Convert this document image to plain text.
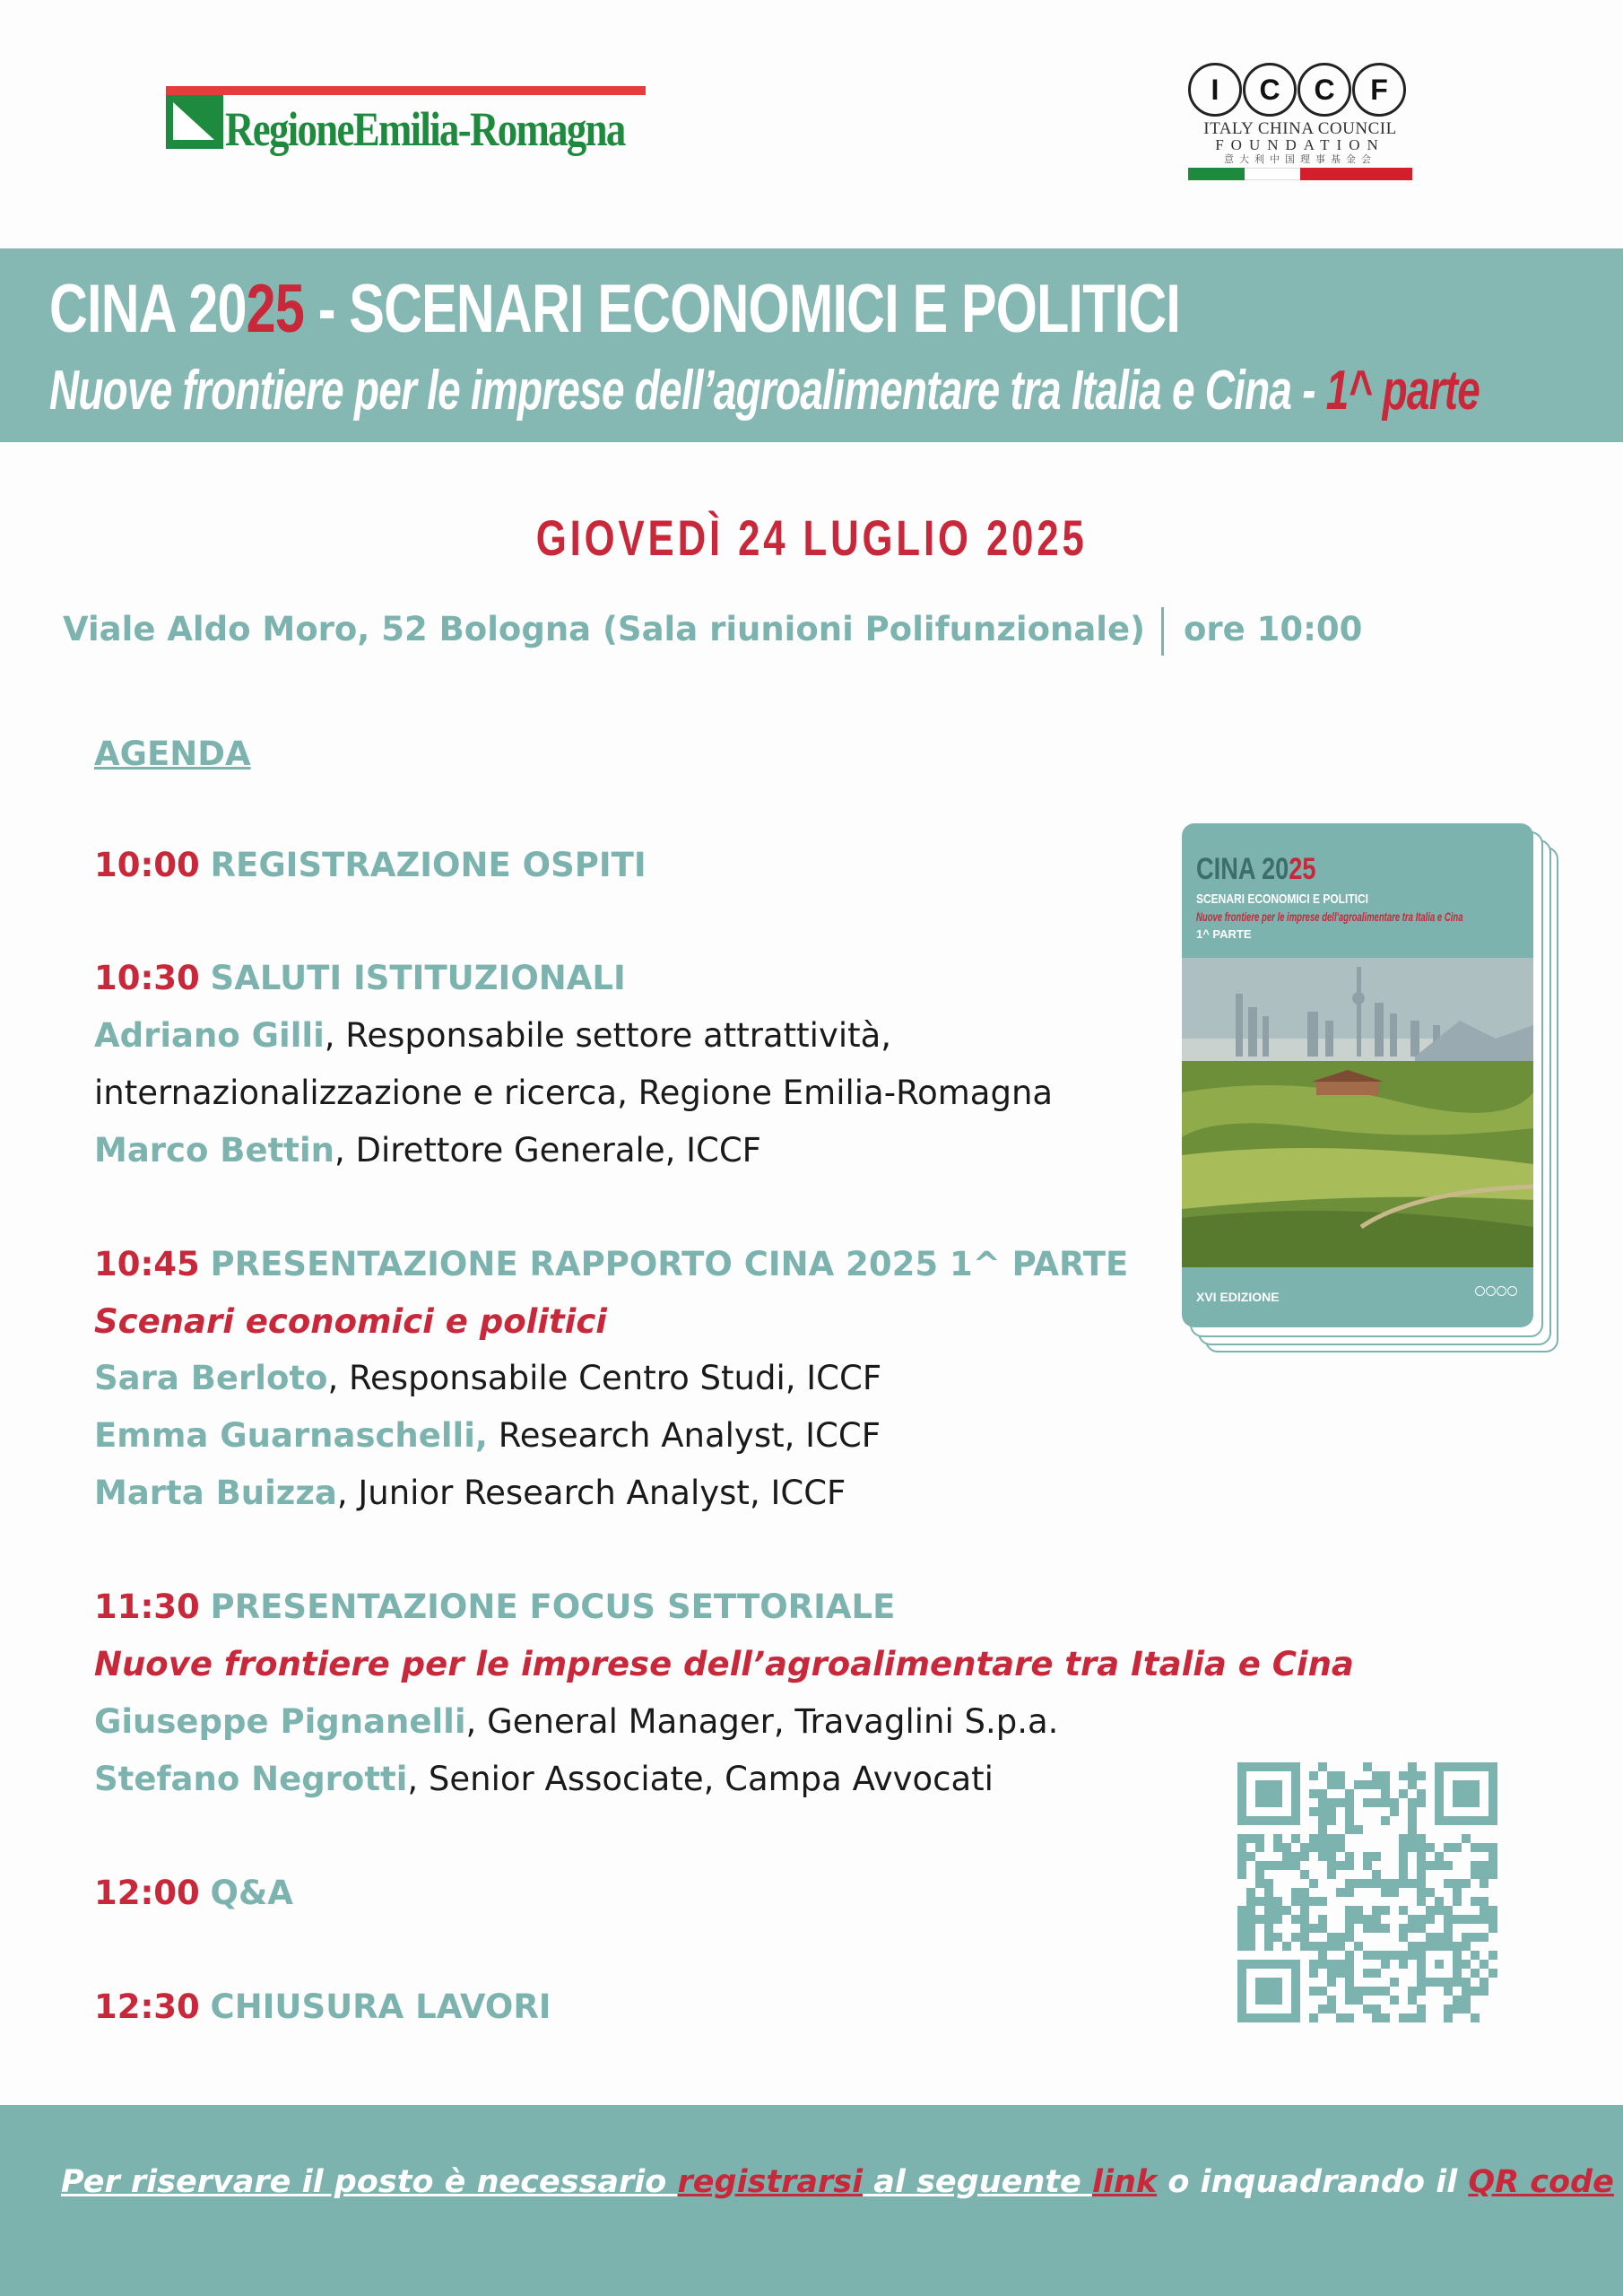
RegioneEmilia-Romagna
I	C	C	F
ITALY CHINA COUNCIL
FOUNDATION
意大利中国理事基金会
CINA 2025 - SCENARI ECONOMICI E POLITICI
Nuove frontiere per le imprese dell’agroalimentare tra Italia e Cina - 1^ parte
GIOVEDÌ 24 LUGLIO 2025
Viale Aldo Moro, 52 Bologna (Sala riunioni Polifunzionale) ore 10:00
AGENDA
10:00 REGISTRAZIONE OSPITI
10:30 SALUTI ISTITUZIONALI
Adriano Gilli, Responsabile settore attrattività,
internazionalizzazione e ricerca, Regione Emilia-Romagna
Marco Bettin, Direttore Generale, ICCF
10:45 PRESENTAZIONE RAPPORTO CINA 2025 1^ PARTE
Scenari economici e politici
Sara Berloto, Responsabile Centro Studi, ICCF
Emma Guarnaschelli, Research Analyst, ICCF
Marta Buizza, Junior Research Analyst, ICCF
11:30 PRESENTAZIONE FOCUS SETTORIALE
Nuove frontiere per le imprese dell’agroalimentare tra Italia e Cina
Giuseppe Pignanelli, General Manager, Travaglini S.p.a.
Stefano Negrotti, Senior Associate, Campa Avvocati
12:00 Q&A
12:30 CHIUSURA LAVORI
CINA 2025
SCENARI ECONOMICI E POLITICI
Nuove frontiere per le imprese dell'agroalimentare tra Italia e Cina
1^ PARTE
XVI EDIZIONE
Per riservare il posto è necessario registrarsi al seguente link o inquadrando il QR code
